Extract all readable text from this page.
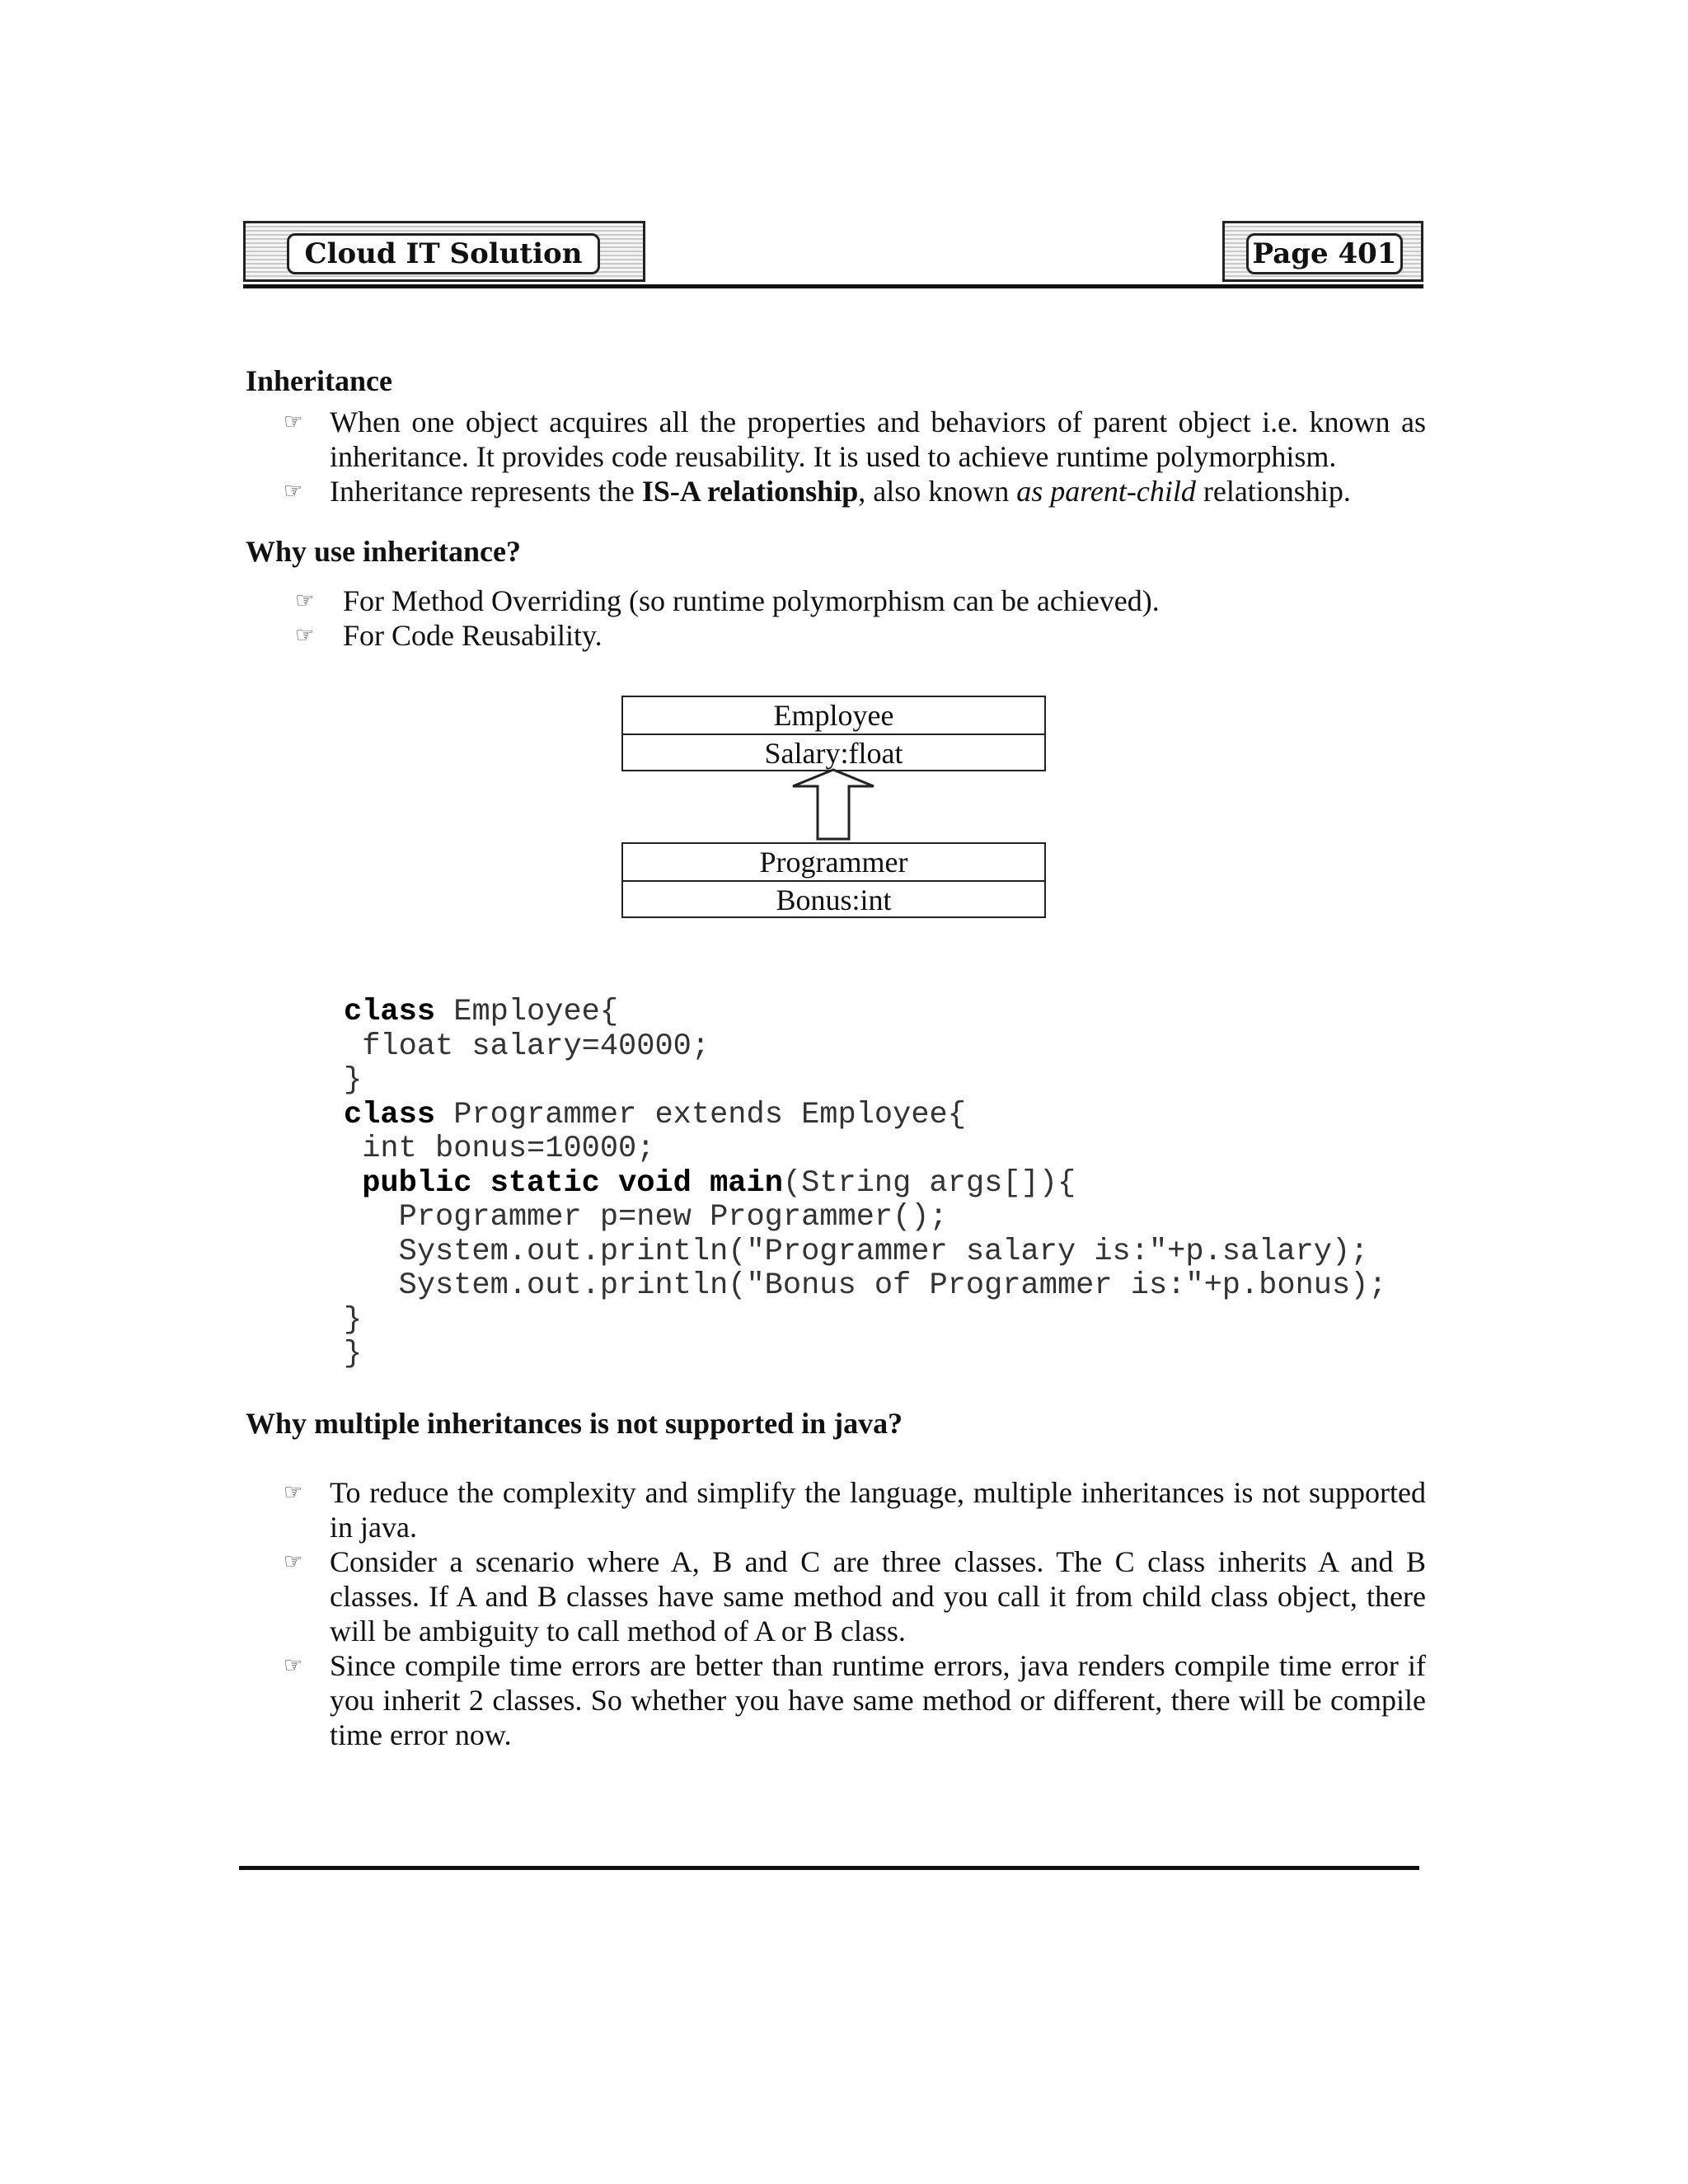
Cloud IT Solution	Page 401
Inheritance
☞ When one object acquires all the properties and behaviors of parent object i.e. known as inheritance. It provides code reusability. It is used to achieve runtime polymorphism.
☞ Inheritance represents the IS-A relationship, also known as parent-child relationship.
Why use inheritance?
☞ For Method Overriding (so runtime polymorphism can be achieved).
☞ For Code Reusability.
Employee
Salary:float
Programmer
Bonus:int
class Employee{
float salary=40000;
}
class Programmer extends Employee{
int bonus=10000;
public static void main(String args[]){
Programmer p=new Programmer();
System.out.println("Programmer salary is:"+p.salary);
System.out.println("Bonus of Programmer is:"+p.bonus);
}
}
Why multiple inheritances is not supported in java?
☞ To reduce the complexity and simplify the language, multiple inheritances is not supported in java.
☞ Consider a scenario where A, B and C are three classes. The C class inherits A and B classes. If A and B classes have same method and you call it from child class object, there will be ambiguity to call method of A or B class.
☞ Since compile time errors are better than runtime errors, java renders compile time error if you inherit 2 classes. So whether you have same method or different, there will be compile time error now.
